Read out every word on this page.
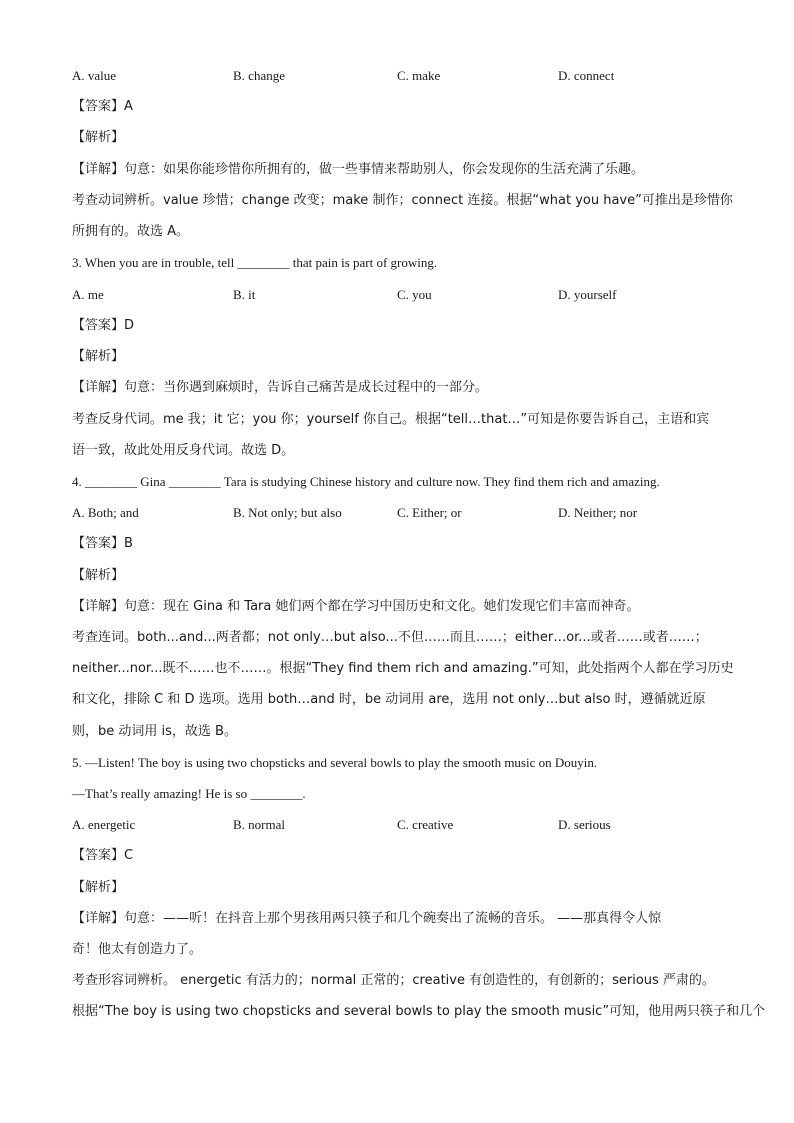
A. value	B. change	C. make	D. connect
【答案】A
【解析】
【详解】句意：如果你能珍惜你所拥有的，做一些事情来帮助别人，你会发现你的生活充满了乐趣。
考查动词辨析。value 珍惜；change 改变；make 制作；connect 连接。根据“what you have”可推出是珍惜你
所拥有的。故选 A。
3. When you are in trouble, tell ________ that pain is part of growing.
A. me	B. it	C. you	D. yourself
【答案】D
【解析】
【详解】句意：当你遇到麻烦时，告诉自己痛苦是成长过程中的一部分。
考查反身代词。me 我；it 它；you 你；yourself 你自己。根据“tell…that…”可知是你要告诉自己，主语和宾
语一致，故此处用反身代词。故选 D。
4. ________ Gina ________ Tara is studying Chinese history and culture now. They find them rich and amazing.
A. Both; and	B. Not only; but also	C. Either; or	D. Neither; nor
【答案】B
【解析】
【详解】句意：现在 Gina 和 Tara 她们两个都在学习中国历史和文化。她们发现它们丰富而神奇。
考查连词。both...and...两者都；not only…but also...不但……而且……；either…or...或者……或者……；
neither...nor...既不……也不……。根据“They find them rich and amazing.”可知，此处指两个人都在学习历史
和文化，排除 C 和 D 选项。选用 both…and 时，be 动词用 are，选用 not only…but also 时，遵循就近原
则，be 动词用 is，故选 B。
5. —Listen! The boy is using two chopsticks and several bowls to play the smooth music on Douyin.
—That’s really amazing! He is so ________.
A. energetic	B. normal	C. creative	D. serious
【答案】C
【解析】
【详解】句意：——听！在抖音上那个男孩用两只筷子和几个碗奏出了流畅的音乐。 ——那真得令人惊
奇！他太有创造力了。
考查形容词辨析。 energetic 有活力的；normal 正常的；creative 有创造性的，有创新的；serious 严肃的。
根据“The boy is using two chopsticks and several bowls to play the smooth music”可知，他用两只筷子和几个
